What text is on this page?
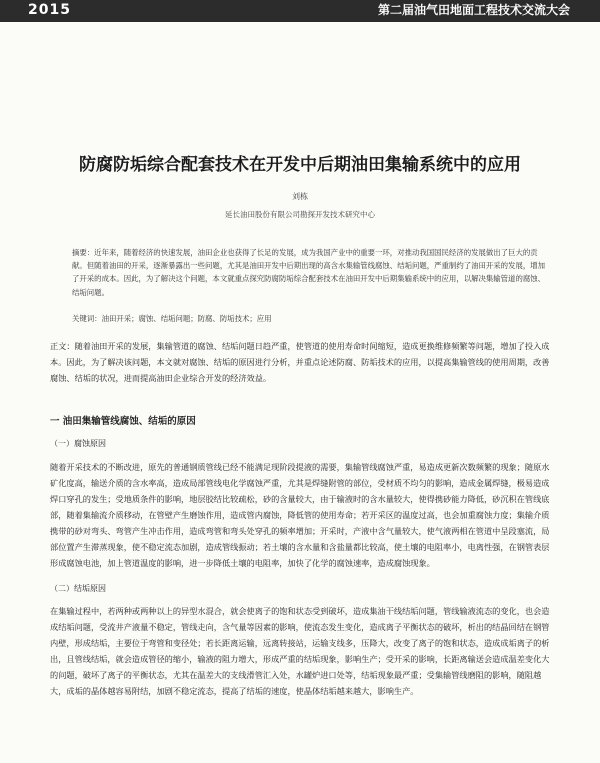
2015	第二届油气田地面工程技术交流大会
防腐防垢综合配套技术在开发中后期油田集输系统中的应用
刘栋
延长油田股份有限公司勘探开发技术研究中心

摘要：近年来，随着经济的快速发展，油田企业也获得了长足的发展，成为我国产业中的重要一环，对推动我国国民经济的发展做出了巨大的贡献。但随着油田的开采，逐渐暴露出一些问题，尤其是油田开发中后期出现的高含水集输管线腐蚀、结垢问题，严重制约了油田开采的发展，增加了开采的成本。因此，为了解决这个问题，本文就重点探究防腐防垢综合配套技术在油田开发中后期集输系统中的应用，以解决集输管道的腐蚀、结垢问题。

关键词：油田开采；腐蚀、结垢问题；防腐、防垢技术；应用

正文：随着油田开采的发展，集输管道的腐蚀、结垢问题日趋严重，使管道的使用寿命时间缩短，造成更换维修频繁等问题，增加了投入成本。因此，为了解决该问题，本文就对腐蚀、结垢的原因进行分析，并重点论述防腐、防垢技术的应用，以提高集输管线的使用周期，改善腐蚀、结垢的状况，进而提高油田企业综合开发的经济效益。

一 油田集输管线腐蚀、结垢的原因
（一）腐蚀原因

随着开采技术的不断改进，原先的普通钢质管线已经不能满足现阶段提液的需要，集输管线腐蚀严重，易造成更新次数频繁的现象；随原水矿化度高，输送介质的含水率高，造成局部管线电化学腐蚀严重，尤其是焊缝附管的部位，受材质不均匀的影响，造成金属焊缝，极易造成焊口穿孔的发生；受地质条件的影响，地层胶结比较疏松，砂的含量较大，由于输液时的含水量较大，使得携砂能力降低，砂沉积在管线底部，随着集输流介质移动，在管壁产生磨蚀作用，造成管内腐蚀，降低管的使用寿命；若开采区的温度过高，也会加重腐蚀力度；集输介质携带的砂对弯头、弯管产生冲击作用，造成弯管和弯头处穿孔的频率增加；开采时，产液中含气量较大，使气液两相在管道中呈段塞流，局部位置产生滞蒸现象，使不稳定流态加剧，造成管线振动；若土壤的含水量和含盐量都比较高，使土壤的电阻率小，电离性强，在钢管表层形成腐蚀电池，加上管道温度的影响，进一步降低土壤的电阻率，加快了化学的腐蚀速率，造成腐蚀现象。

（二）结垢原因

在集输过程中，若两种或两种以上的异型水混合，就会使离子的饱和状态受到破坏，造成集油干线结垢问题，管线输液流态的变化，也会造成结垢问题，受流井产液量不稳定，管线走向，含气量等因素的影响，使流态发生变化，造成离子平衡状态的破坏，析出的结晶回结在钢管内壁，形成结垢，主要位于弯管和变径处；若长距离运输，远离转接站，运输支线多，压降大，改变了离子的饱和状态，造成成垢离子的析出，且管线结垢，就会造成管径的缩小，输液的阻力增大，形成严重的结垢现象，影响生产；受开采的影响，长距离输送会造成温差变化大的问题，破坏了离子的平衡状态，尤其在温差大的支线滑管汇入处，水罐炉进口处等，结垢现象最严重；受集输管线磨阻的影响，随阻越大，成垢的晶体越容易附结，加剧不稳定流态，提高了结垢的速度，使晶体结垢越来越大，影响生产。
